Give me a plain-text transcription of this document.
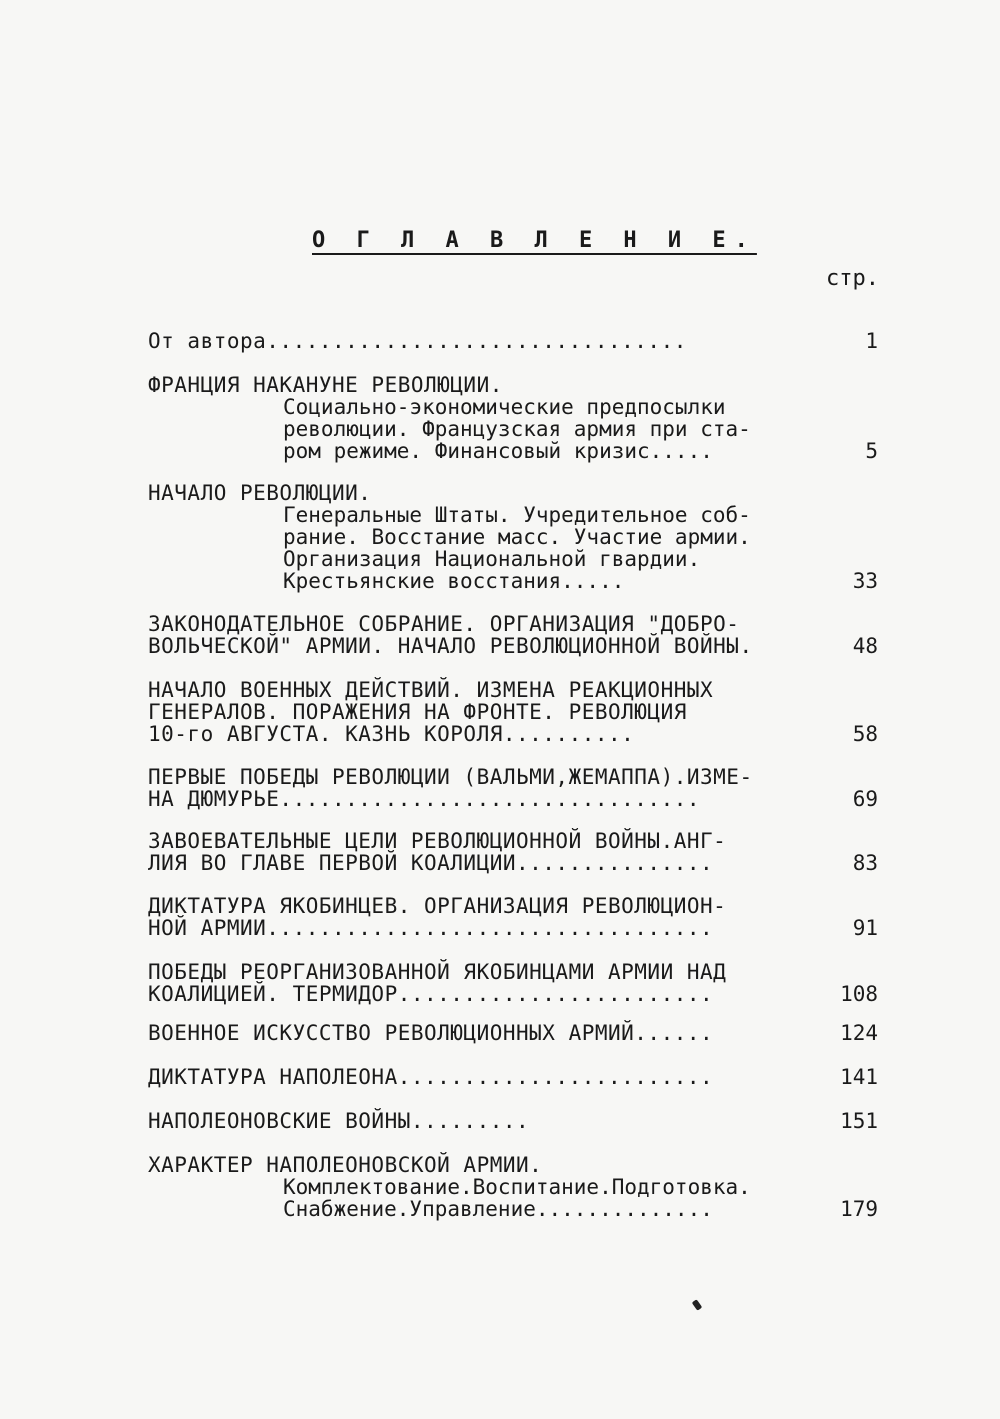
О Г Л А В Л Е Н И Е.
стр.
От автора................................	1
ФРАНЦИЯ НАКАНУНЕ РЕВОЛЮЦИИ.
Социально-экономические предпосылки
революции. Французская армия при ста-
ром режиме. Финансовый кризис.....	5
НАЧАЛО РЕВОЛЮЦИИ.
Генеральные Штаты. Учредительное соб-
рание. Восстание масс. Участие армии.
Организация Национальной гвардии.
Крестьянские восстания.....	33
ЗАКОНОДАТЕЛЬНОЕ СОБРАНИЕ. ОРГАНИЗАЦИЯ "ДОБРО-
ВОЛЬЧЕСКОЙ" АРМИИ. НАЧАЛО РЕВОЛЮЦИОННОЙ ВОЙНЫ.	48
НАЧАЛО ВОЕННЫХ ДЕЙСТВИЙ. ИЗМЕНА РЕАКЦИОННЫХ
ГЕНЕРАЛОВ. ПОРАЖЕНИЯ НА ФРОНТЕ. РЕВОЛЮЦИЯ
10-го АВГУСТА. КАЗНЬ КОРОЛЯ..........	58
ПЕРВЫЕ ПОБЕДЫ РЕВОЛЮЦИИ (ВАЛЬМИ,ЖЕМАППА).ИЗМЕ-
НА ДЮМУРЬЕ................................	69
ЗАВОЕВАТЕЛЬНЫЕ ЦЕЛИ РЕВОЛЮЦИОННОЙ ВОЙНЫ.АНГ-
ЛИЯ ВО ГЛАВЕ ПЕРВОЙ КОАЛИЦИИ...............	83
ДИКТАТУРА ЯКОБИНЦЕВ. ОРГАНИЗАЦИЯ РЕВОЛЮЦИОН-
НОЙ АРМИИ..................................	91
ПОБЕДЫ РЕОРГАНИЗОВАННОЙ ЯКОБИНЦАМИ АРМИИ НАД
КОАЛИЦИЕЙ. ТЕРМИДОР........................	108
ВОЕННОЕ ИСКУССТВО РЕВОЛЮЦИОННЫХ АРМИЙ......	124
ДИКТАТУРА НАПОЛЕОНА........................	141
НАПОЛЕОНОВСКИЕ ВОЙНЫ.........	151
ХАРАКТЕР НАПОЛЕОНОВСКОЙ АРМИИ.
Комплектование.Воспитание.Подготовка.
Снабжение.Управление..............	179
